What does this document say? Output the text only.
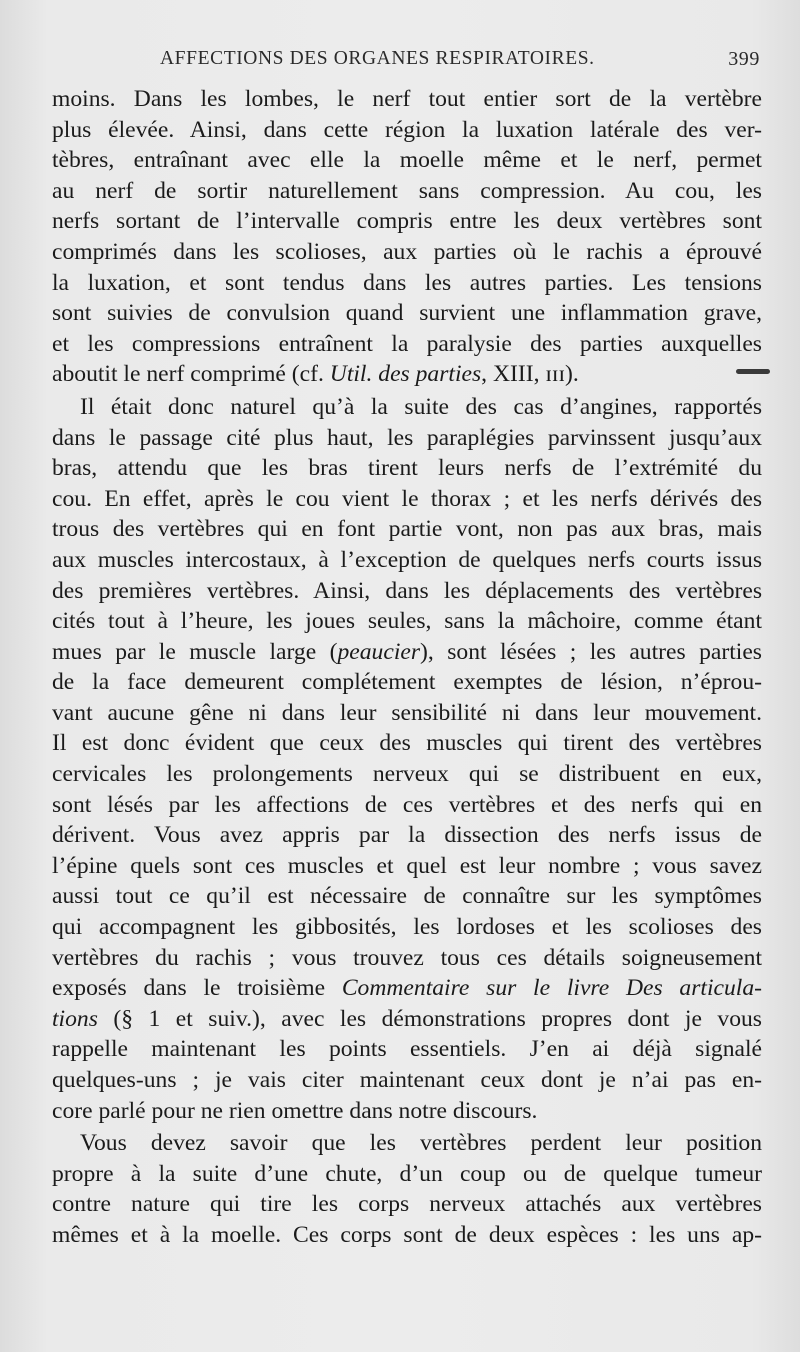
AFFECTIONS DES ORGANES RESPIRATOIRES.	399
moins. Dans les lombes, le nerf tout entier sort de la vertèbre
plus élevée. Ainsi, dans cette région la luxation latérale des ver-
tèbres, entraînant avec elle la moelle même et le nerf, permet
au nerf de sortir naturellement sans compression. Au cou, les
nerfs sortant de l’intervalle compris entre les deux vertèbres sont
comprimés dans les scolioses, aux parties où le rachis a éprouvé
la luxation, et sont tendus dans les autres parties. Les tensions
sont suivies de convulsion quand survient une inflammation grave,
et les compressions entraînent la paralysie des parties auxquelles
aboutit le nerf comprimé (cf. Util. des parties, XIII, ɪɪɪ).
Il était donc naturel qu’à la suite des cas d’angines, rapportés
dans le passage cité plus haut, les paraplégies parvinssent jusqu’aux
bras, attendu que les bras tirent leurs nerfs de l’extrémité du
cou. En effet, après le cou vient le thorax ; et les nerfs dérivés des
trous des vertèbres qui en font partie vont, non pas aux bras, mais
aux muscles intercostaux, à l’exception de quelques nerfs courts issus
des premières vertèbres. Ainsi, dans les déplacements des vertèbres
cités tout à l’heure, les joues seules, sans la mâchoire, comme étant
mues par le muscle large (peaucier), sont lésées ; les autres parties
de la face demeurent complétement exemptes de lésion, n’éprou-
vant aucune gêne ni dans leur sensibilité ni dans leur mouvement.
Il est donc évident que ceux des muscles qui tirent des vertèbres
cervicales les prolongements nerveux qui se distribuent en eux,
sont lésés par les affections de ces vertèbres et des nerfs qui en
dérivent. Vous avez appris par la dissection des nerfs issus de
l’épine quels sont ces muscles et quel est leur nombre ; vous savez
aussi tout ce qu’il est nécessaire de connaître sur les symptômes
qui accompagnent les gibbosités, les lordoses et les scolioses des
vertèbres du rachis ; vous trouvez tous ces détails soigneusement
exposés dans le troisième Commentaire sur le livre Des articula-
tions (§ 1 et suiv.), avec les démonstrations propres dont je vous
rappelle maintenant les points essentiels. J’en ai déjà signalé
quelques-uns ; je vais citer maintenant ceux dont je n’ai pas en-
core parlé pour ne rien omettre dans notre discours.
Vous devez savoir que les vertèbres perdent leur position
propre à la suite d’une chute, d’un coup ou de quelque tumeur
contre nature qui tire les corps nerveux attachés aux vertèbres
mêmes et à la moelle. Ces corps sont de deux espèces : les uns ap-
